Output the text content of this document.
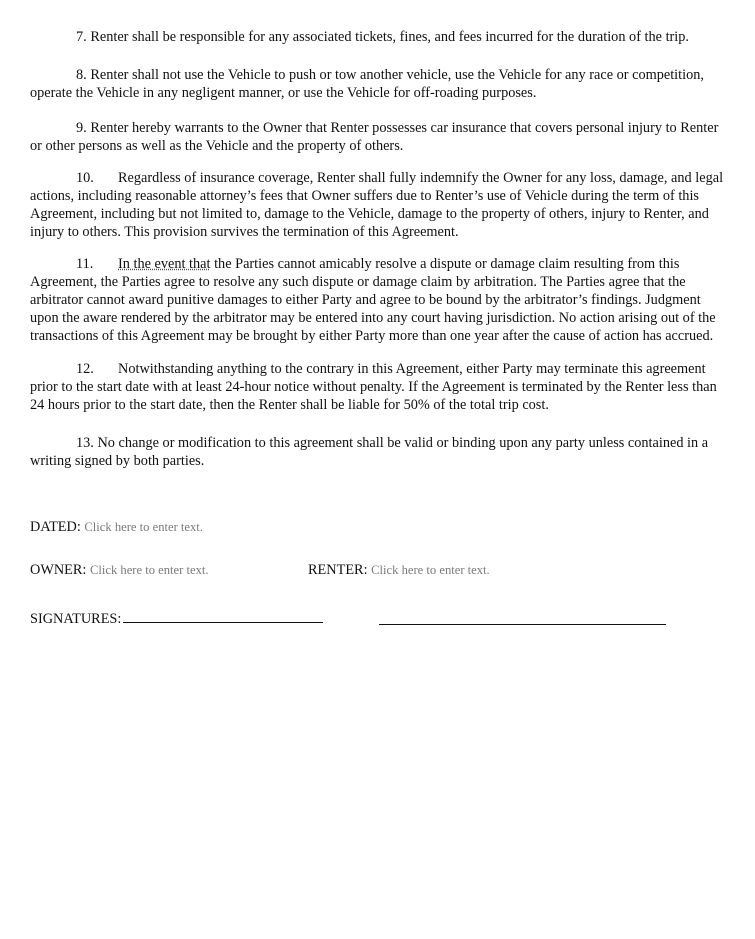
7. Renter shall be responsible for any associated tickets, fines, and fees incurred for the duration of the trip.

8. Renter shall not use the Vehicle to push or tow another vehicle, use the Vehicle for any race or competition, operate the Vehicle in any negligent manner, or use the Vehicle for off-roading purposes.

9. Renter hereby warrants to the Owner that Renter possesses car insurance that covers personal injury to Renter or other persons as well as the Vehicle and the property of others.

10. Regardless of insurance coverage, Renter shall fully indemnify the Owner for any loss, damage, and legal actions, including reasonable attorney’s fees that Owner suffers due to Renter’s use of Vehicle during the term of this Agreement, including but not limited to, damage to the Vehicle, damage to the property of others, injury to Renter, and injury to others. This provision survives the termination of this Agreement.

11. In the event that the Parties cannot amicably resolve a dispute or damage claim resulting from this Agreement, the Parties agree to resolve any such dispute or damage claim by arbitration. The Parties agree that the arbitrator cannot award punitive damages to either Party and agree to be bound by the arbitrator’s findings. Judgment upon the aware rendered by the arbitrator may be entered into any court having jurisdiction. No action arising out of the transactions of this Agreement may be brought by either Party more than one year after the cause of action has accrued.

12. Notwithstanding anything to the contrary in this Agreement, either Party may terminate this agreement prior to the start date with at least 24-hour notice without penalty. If the Agreement is terminated by the Renter less than 24 hours prior to the start date, then the Renter shall be liable for 50% of the total trip cost.

13. No change or modification to this agreement shall be valid or binding upon any party unless contained in a writing signed by both parties.

DATED: Click here to enter text.
OWNER: Click here to enter text.	RENTER: Click here to enter text.
SIGNATURES:
